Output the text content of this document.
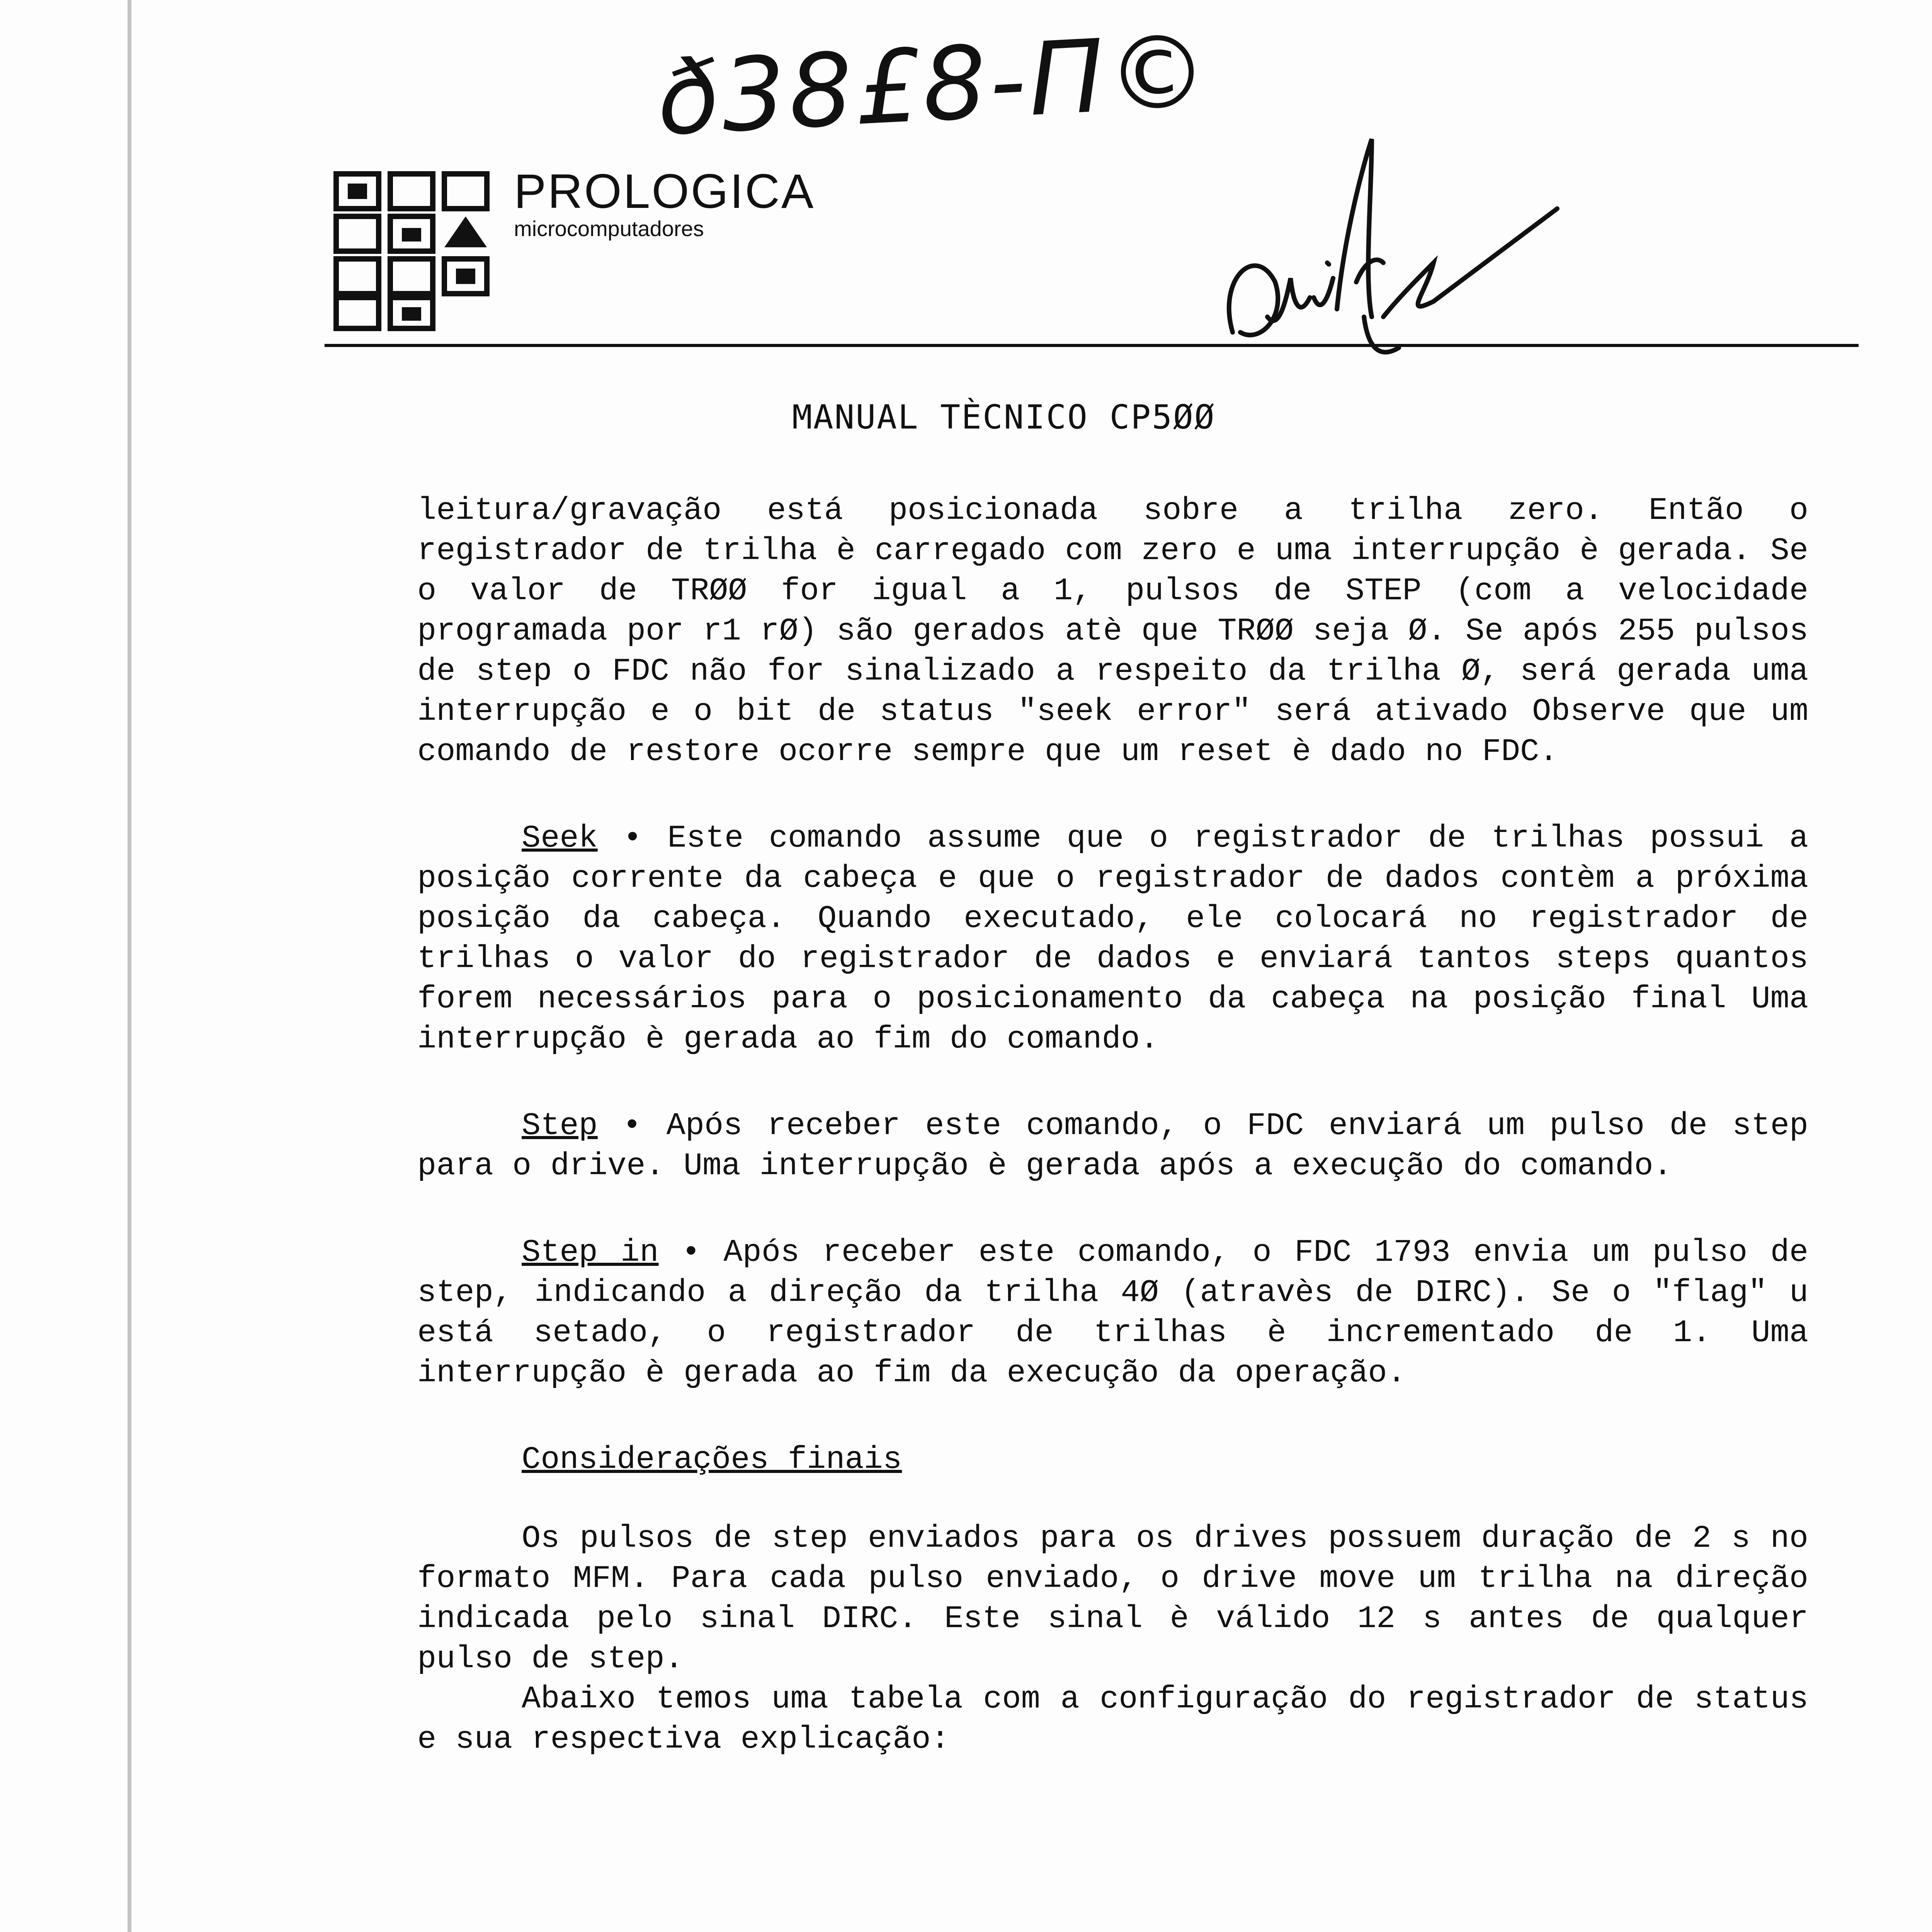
ð38£8-Π©
PROLOGICA
microcomputadores
MANUAL TÈCNICO CP5ØØ

leitura/gravação está posicionada sobre a trilha zero. Então o registrador de trilha è carregado com zero e uma interrupção è gerada. Se o valor de TRØØ for igual a 1, pulsos de STEP (com a velocidade programada por r1 rØ) são gerados atè que TRØØ seja Ø. Se após 255 pulsos de step o FDC não for sinalizado a respeito da trilha Ø, será gerada uma interrupção e o bit de status "seek error" será ativado Observe que um comando de restore ocorre sempre que um reset è dado no FDC.

Seek • Este comando assume que o registrador de trilhas possui a posição corrente da cabeça e que o registrador de dados contèm a próxima posição da cabeça. Quando executado, ele colocará no registrador de trilhas o valor do registrador de dados e enviará tantos steps quantos forem necessários para o posicionamento da cabeça na posição final Uma interrupção è gerada ao fim do comando.

Step • Após receber este comando, o FDC enviará um pulso de step para o drive. Uma interrupção è gerada após a execução do comando.

Step in • Após receber este comando, o FDC 1793 envia um pulso de step, indicando a direção da trilha 4Ø (atravès de DIRC). Se o "flag" u está setado, o registrador de trilhas è incrementado de 1. Uma interrupção è gerada ao fim da execução da operação.

Considerações finais

Os pulsos de step enviados para os drives possuem duração de 2 s no formato MFM. Para cada pulso enviado, o drive move um trilha na direção indicada pelo sinal DIRC. Este sinal è válido 12 s antes de qualquer pulso de step.

Abaixo temos uma tabela com a configuração do registrador de status e sua respectiva explicação:
